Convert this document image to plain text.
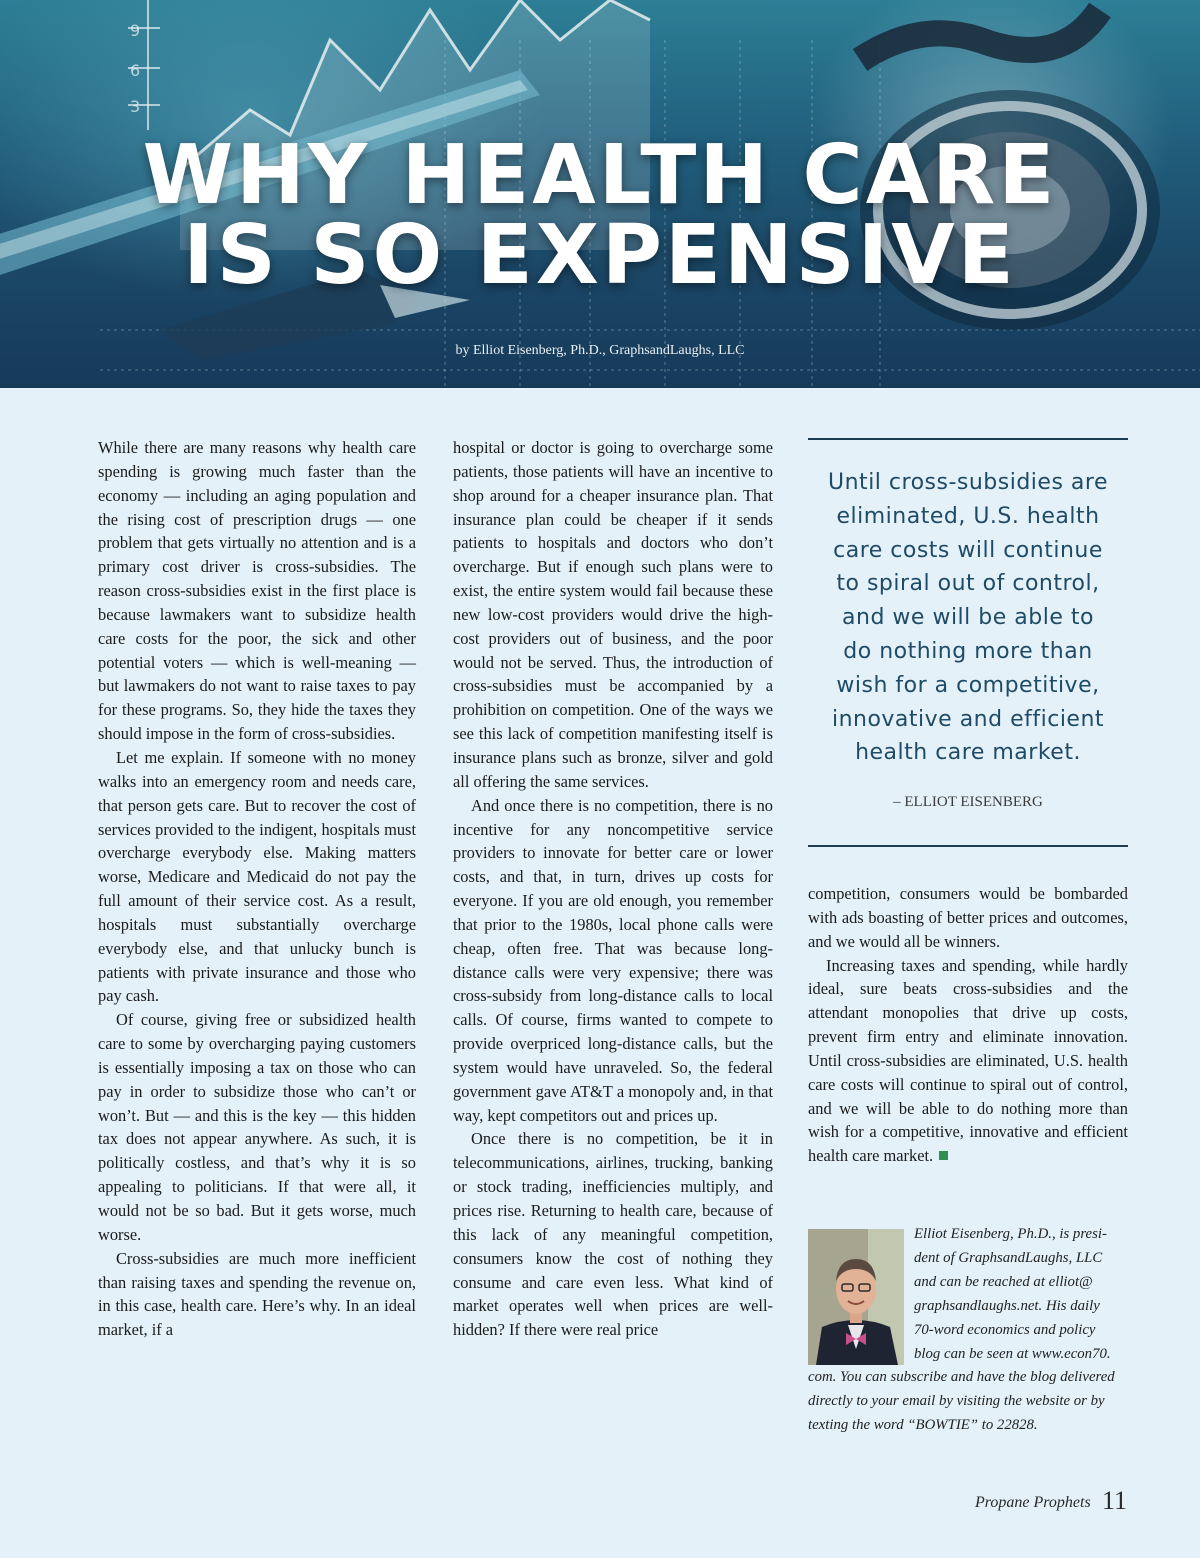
9
6
3
WHY HEALTH CARE
IS SO EXPENSIVE
by Elliot Eisenberg, Ph.D., GraphsandLaughs, LLC

While there are many reasons why health care spending is growing much faster than the economy — including an aging population and the rising cost of prescription drugs — one problem that gets virtually no attention and is a primary cost driver is cross-subsidies. The reason cross-subsidies exist in the first place is because lawmakers want to subsidize health care costs for the poor, the sick and other potential voters — which is well-meaning — but lawmakers do not want to raise taxes to pay for these programs. So, they hide the taxes they should impose in the form of cross-subsidies.

Let me explain. If someone with no money walks into an emergency room and needs care, that person gets care. But to recover the cost of services provided to the indigent, hospitals must overcharge everybody else. Making matters worse, Medicare and Medicaid do not pay the full amount of their service cost. As a result, hospitals must substantially overcharge everybody else, and that unlucky bunch is patients with private insurance and those who pay cash.

Of course, giving free or subsidized health care to some by overcharging paying customers is essentially imposing a tax on those who can pay in order to subsidize those who can’t or won’t. But — and this is the key — this hidden tax does not appear anywhere. As such, it is politically costless, and that’s why it is so appealing to politicians. If that were all, it would not be so bad. But it gets worse, much worse.

Cross-subsidies are much more inefficient than raising taxes and spending the revenue on, in this case, health care. Here’s why. In an ideal market, if a

hospital or doctor is going to overcharge some patients, those patients will have an incentive to shop around for a cheaper insurance plan. That insurance plan could be cheaper if it sends patients to hospitals and doctors who don’t overcharge. But if enough such plans were to exist, the entire system would fail because these new low-cost providers would drive the high-cost providers out of business, and the poor would not be served. Thus, the introduction of cross-subsidies must be accompanied by a prohibition on competition. One of the ways we see this lack of competition manifesting itself is insurance plans such as bronze, silver and gold all offering the same services.

And once there is no competition, there is no incentive for any noncompetitive service providers to innovate for better care or lower costs, and that, in turn, drives up costs for everyone. If you are old enough, you remember that prior to the 1980s, local phone calls were cheap, often free. That was because long-distance calls were very expensive; there was cross-subsidy from long-distance calls to local calls. Of course, firms wanted to compete to provide overpriced long-distance calls, but the system would have unraveled. So, the federal government gave AT&T a monopoly and, in that way, kept competitors out and prices up.

Once there is no competition, be it in telecommunications, airlines, trucking, banking or stock trading, inefficiencies multiply, and prices rise. Returning to health care, because of this lack of any meaningful competition, consumers know the cost of nothing they consume and care even less. What kind of market operates well when prices are well-hidden? If there were real price

Until cross-subsidies are
eliminated, U.S. health
care costs will continue
to spiral out of control,
and we will be able to
do nothing more than
wish for a competitive,
innovative and efficient
health care market.
– ELLIOT EISENBERG

competition, consumers would be bombarded with ads boasting of better prices and outcomes, and we would all be winners.

Increasing taxes and spending, while hardly ideal, sure beats cross-subsidies and the attendant monopolies that drive up costs, prevent firm entry and eliminate innovation. Until cross-subsidies are eliminated, U.S. health care costs will continue to spiral out of control, and we will be able to do nothing more than wish for a competitive, innovative and efficient health care market.

Elliot Eisenberg, Ph.D., is presi-
dent of GraphsandLaughs, LLC
and can be reached at elliot@
graphsandlaughs.net. His daily
70-word economics and policy
blog can be seen at www.econ70.
com. You can subscribe and have the blog delivered
directly to your email by visiting the website or by
texting the word “BOWTIE” to 22828.

Propane Prophets 11
